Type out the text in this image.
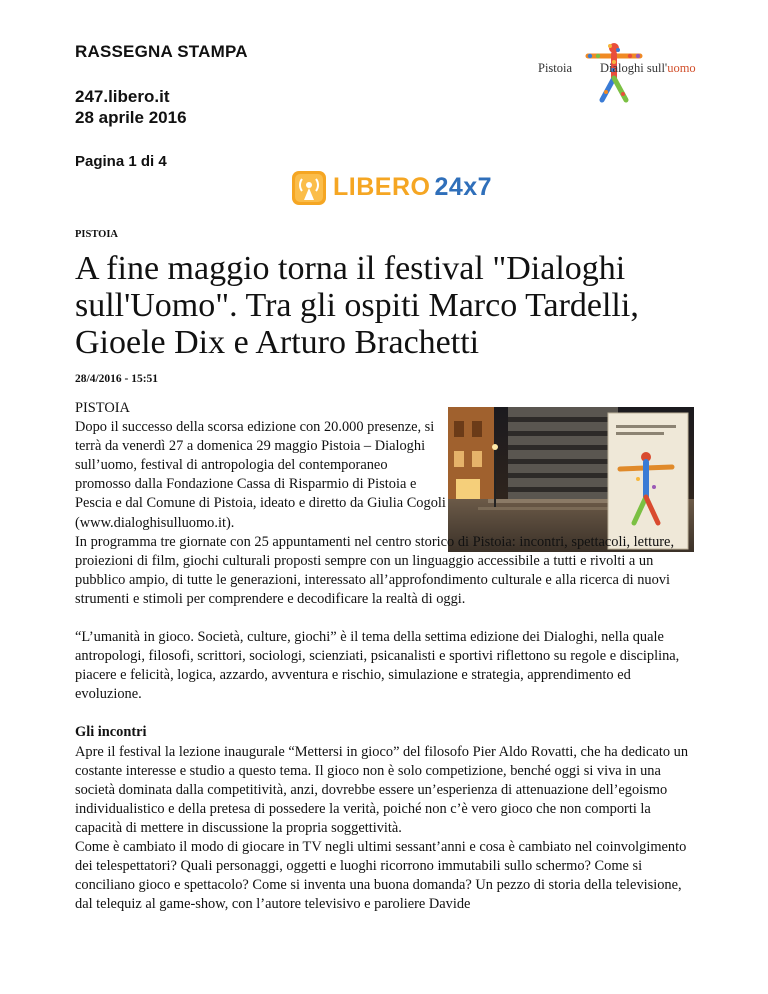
RASSEGNA STAMPA
247.libero.it
28 aprile 2016
Pagina 1 di 4
Pistoia Dialoghi sull'uomo
LIBERO 24x7
PISTOIA
A fine maggio torna il festival "Dialoghi sull'Uomo". Tra gli ospiti Marco Tardelli, Gioele Dix e Arturo Brachetti
28/4/2016 - 15:51

PISTOIA
Dopo il successo della scorsa edizione con 20.000 presenze, si terrà da venerdì 27 a domenica 29 maggio Pistoia – Dialoghi sull’uomo, festival di antropologia del contemporaneo promosso dalla Fondazione Cassa di Risparmio di Pistoia e Pescia e dal Comune di Pistoia, ideato e diretto da Giulia Cogoli (www.dialoghisulluomo.it).
In programma tre giornate con 25 appuntamenti nel centro storico di Pistoia: incontri, spettacoli, letture, proiezioni di film, giochi culturali proposti sempre con un linguaggio accessibile a tutti e rivolti a un pubblico ampio, di tutte le generazioni, interessato all’approfondimento culturale e alla ricerca di nuovi strumenti e stimoli per comprendere e decodificare la realtà di oggi.

“L’umanità in gioco. Società, culture, giochi” è il tema della settima edizione dei Dialoghi, nella quale antropologi, filosofi, scrittori, sociologi, scienziati, psicanalisti e sportivi riflettono su regole e disciplina, piacere e felicità, logica, azzardo, avventura e rischio, simulazione e strategia, apprendimento ed evoluzione.

Gli incontri

Apre il festival la lezione inaugurale “Mettersi in gioco” del filosofo Pier Aldo Rovatti, che ha dedicato un costante interesse e studio a questo tema. Il gioco non è solo competizione, benché oggi si viva in una società dominata dalla competitività, anzi, dovrebbe essere un’esperienza di attenuazione dell’egoismo individualistico e della pretesa di possedere la verità, poiché non c’è vero gioco che non comporti la capacità di mettere in discussione la propria soggettività.

Come è cambiato il modo di giocare in TV negli ultimi sessant’anni e cosa è cambiato nel coinvolgimento dei telespettatori? Quali personaggi, oggetti e luoghi ricorrono immutabili sullo schermo? Come si conciliano gioco e spettacolo? Come si inventa una buona domanda? Un pezzo di storia della televisione, dal telequiz al game-show, con l’autore televisivo e paroliere Davide
